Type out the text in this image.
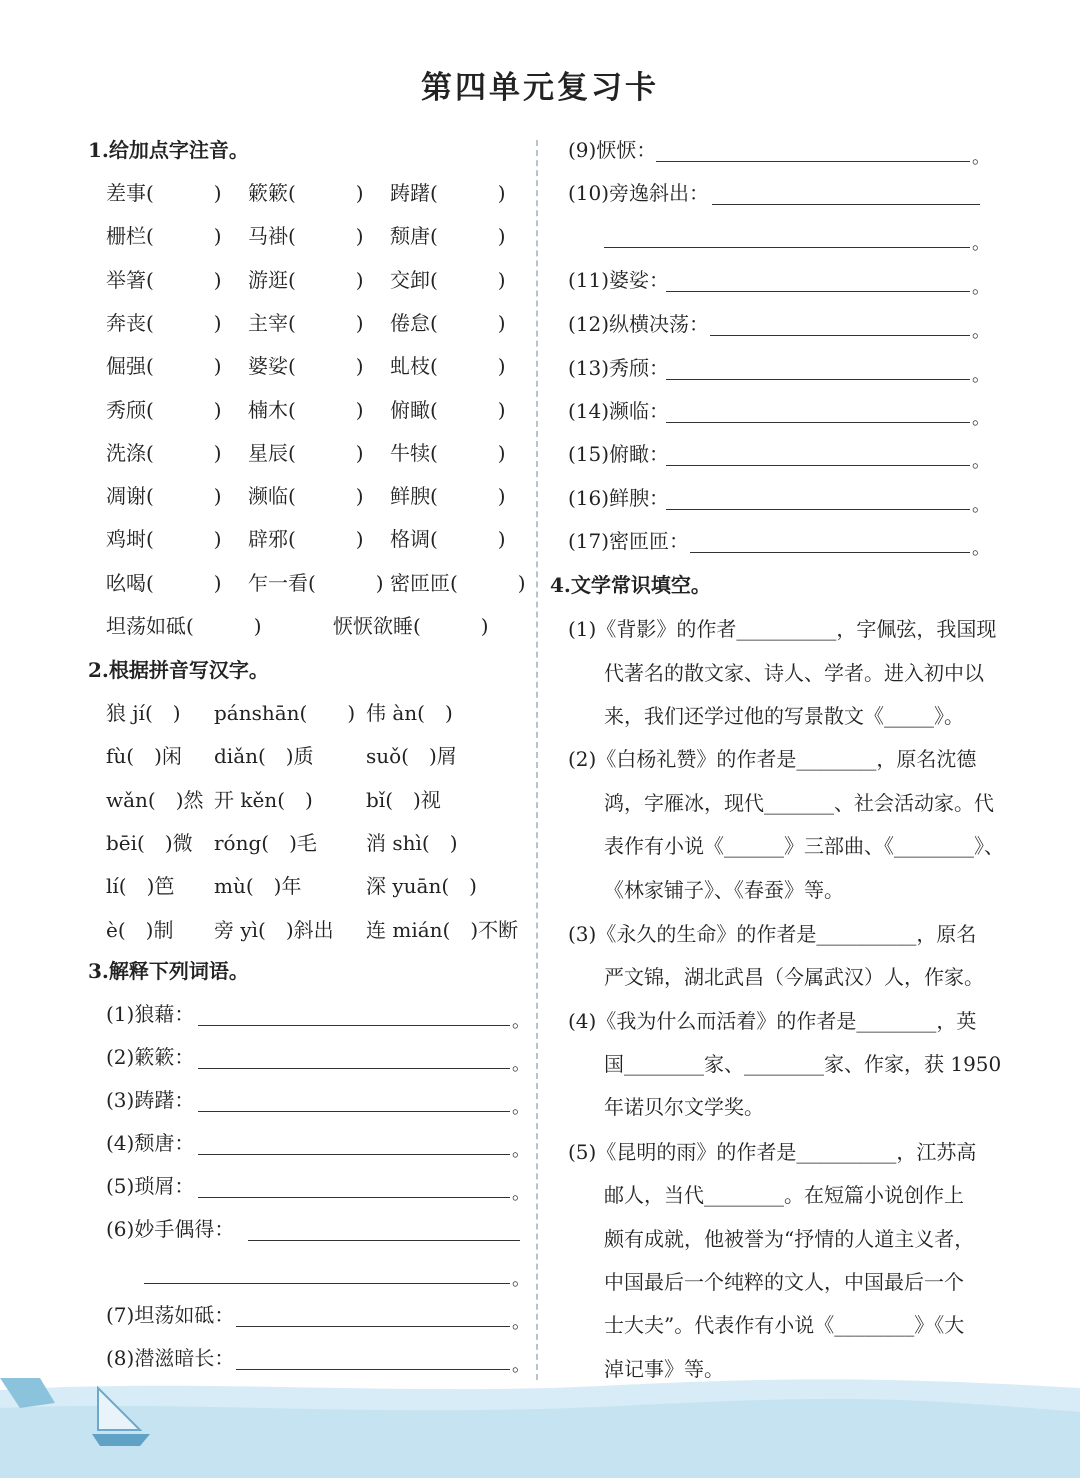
第四单元复习卡
1.给加点字注音。
差事(　　　) 簌簌(　　　) 踌躇(　　　)
栅栏(　　　) 马褂(　　　) 颓唐(　　　)
举箸(　　　) 游逛(　　　) 交卸(　　　)
奔丧(　　　) 主宰(　　　) 倦怠(　　　)
倔强(　　　) 婆娑(　　　) 虬枝(　　　)
秀颀(　　　) 楠木(　　　) 俯瞰(　　　)
洗涤(　　　) 星辰(　　　) 牛犊(　　　)
凋谢(　　　) 濒临(　　　) 鲜腴(　　　)
鸡埘(　　　) 辟邪(　　　) 格调(　　　)
吆喝(　　　) 乍一看(　　　) 密匝匝(　　　)
坦荡如砥(　　　)	恹恹欲睡(　　　)
2.根据拼音写汉字。
狼 jí(　) pánshān(　　) 伟 àn(　)
fù(　)闲 diǎn(　)质	suǒ(　)屑
wǎn(　)然 开 kěn(　)	bǐ(　)视
bēi(　)微 róng(　)毛 消 shì(　)
lí(　)笆 mù(　)年	深 yuān(　)
è(　)制 旁 yì(　)斜出 连 mián(　)不断
3.解释下列词语。
(1)狼藉：	。
(2)簌簌：	。
(3)踌躇：	。
(4)颓唐：	。
(5)琐屑：	。
(6)妙手偶得：
。
(7)坦荡如砥：	。
(8)潜滋暗长：	。
(9)恹恹：	。
(10)旁逸斜出：
。
(11)婆娑：	。
(12)纵横决荡：	。
(13)秀颀：	。
(14)濒临：	。
(15)俯瞰：	。
(16)鲜腴：	。
(17)密匝匝：	。
4.文学常识填空。
(1)《背影》的作者__________，字佩弦，我国现
代著名的散文家、诗人、学者。进入初中以
来，我们还学过他的写景散文《_____》。
(2)《白杨礼赞》的作者是________，原名沈德
鸿，字雁冰，现代_______、社会活动家。代
表作有小说《______》三部曲、《________》、
《林家铺子》、《春蚕》等。
(3)《永久的生命》的作者是__________，原名
严文锦，湖北武昌（今属武汉）人，作家。
(4)《我为什么而活着》的作者是________，英
国________家、________家、作家，获 1950
年诺贝尔文学奖。
(5)《昆明的雨》的作者是__________，江苏高
邮人，当代________。在短篇小说创作上
颇有成就，他被誉为“抒情的人道主义者，
中国最后一个纯粹的文人，中国最后一个
士大夫”。代表作有小说《________》《大
淖记事》等。
